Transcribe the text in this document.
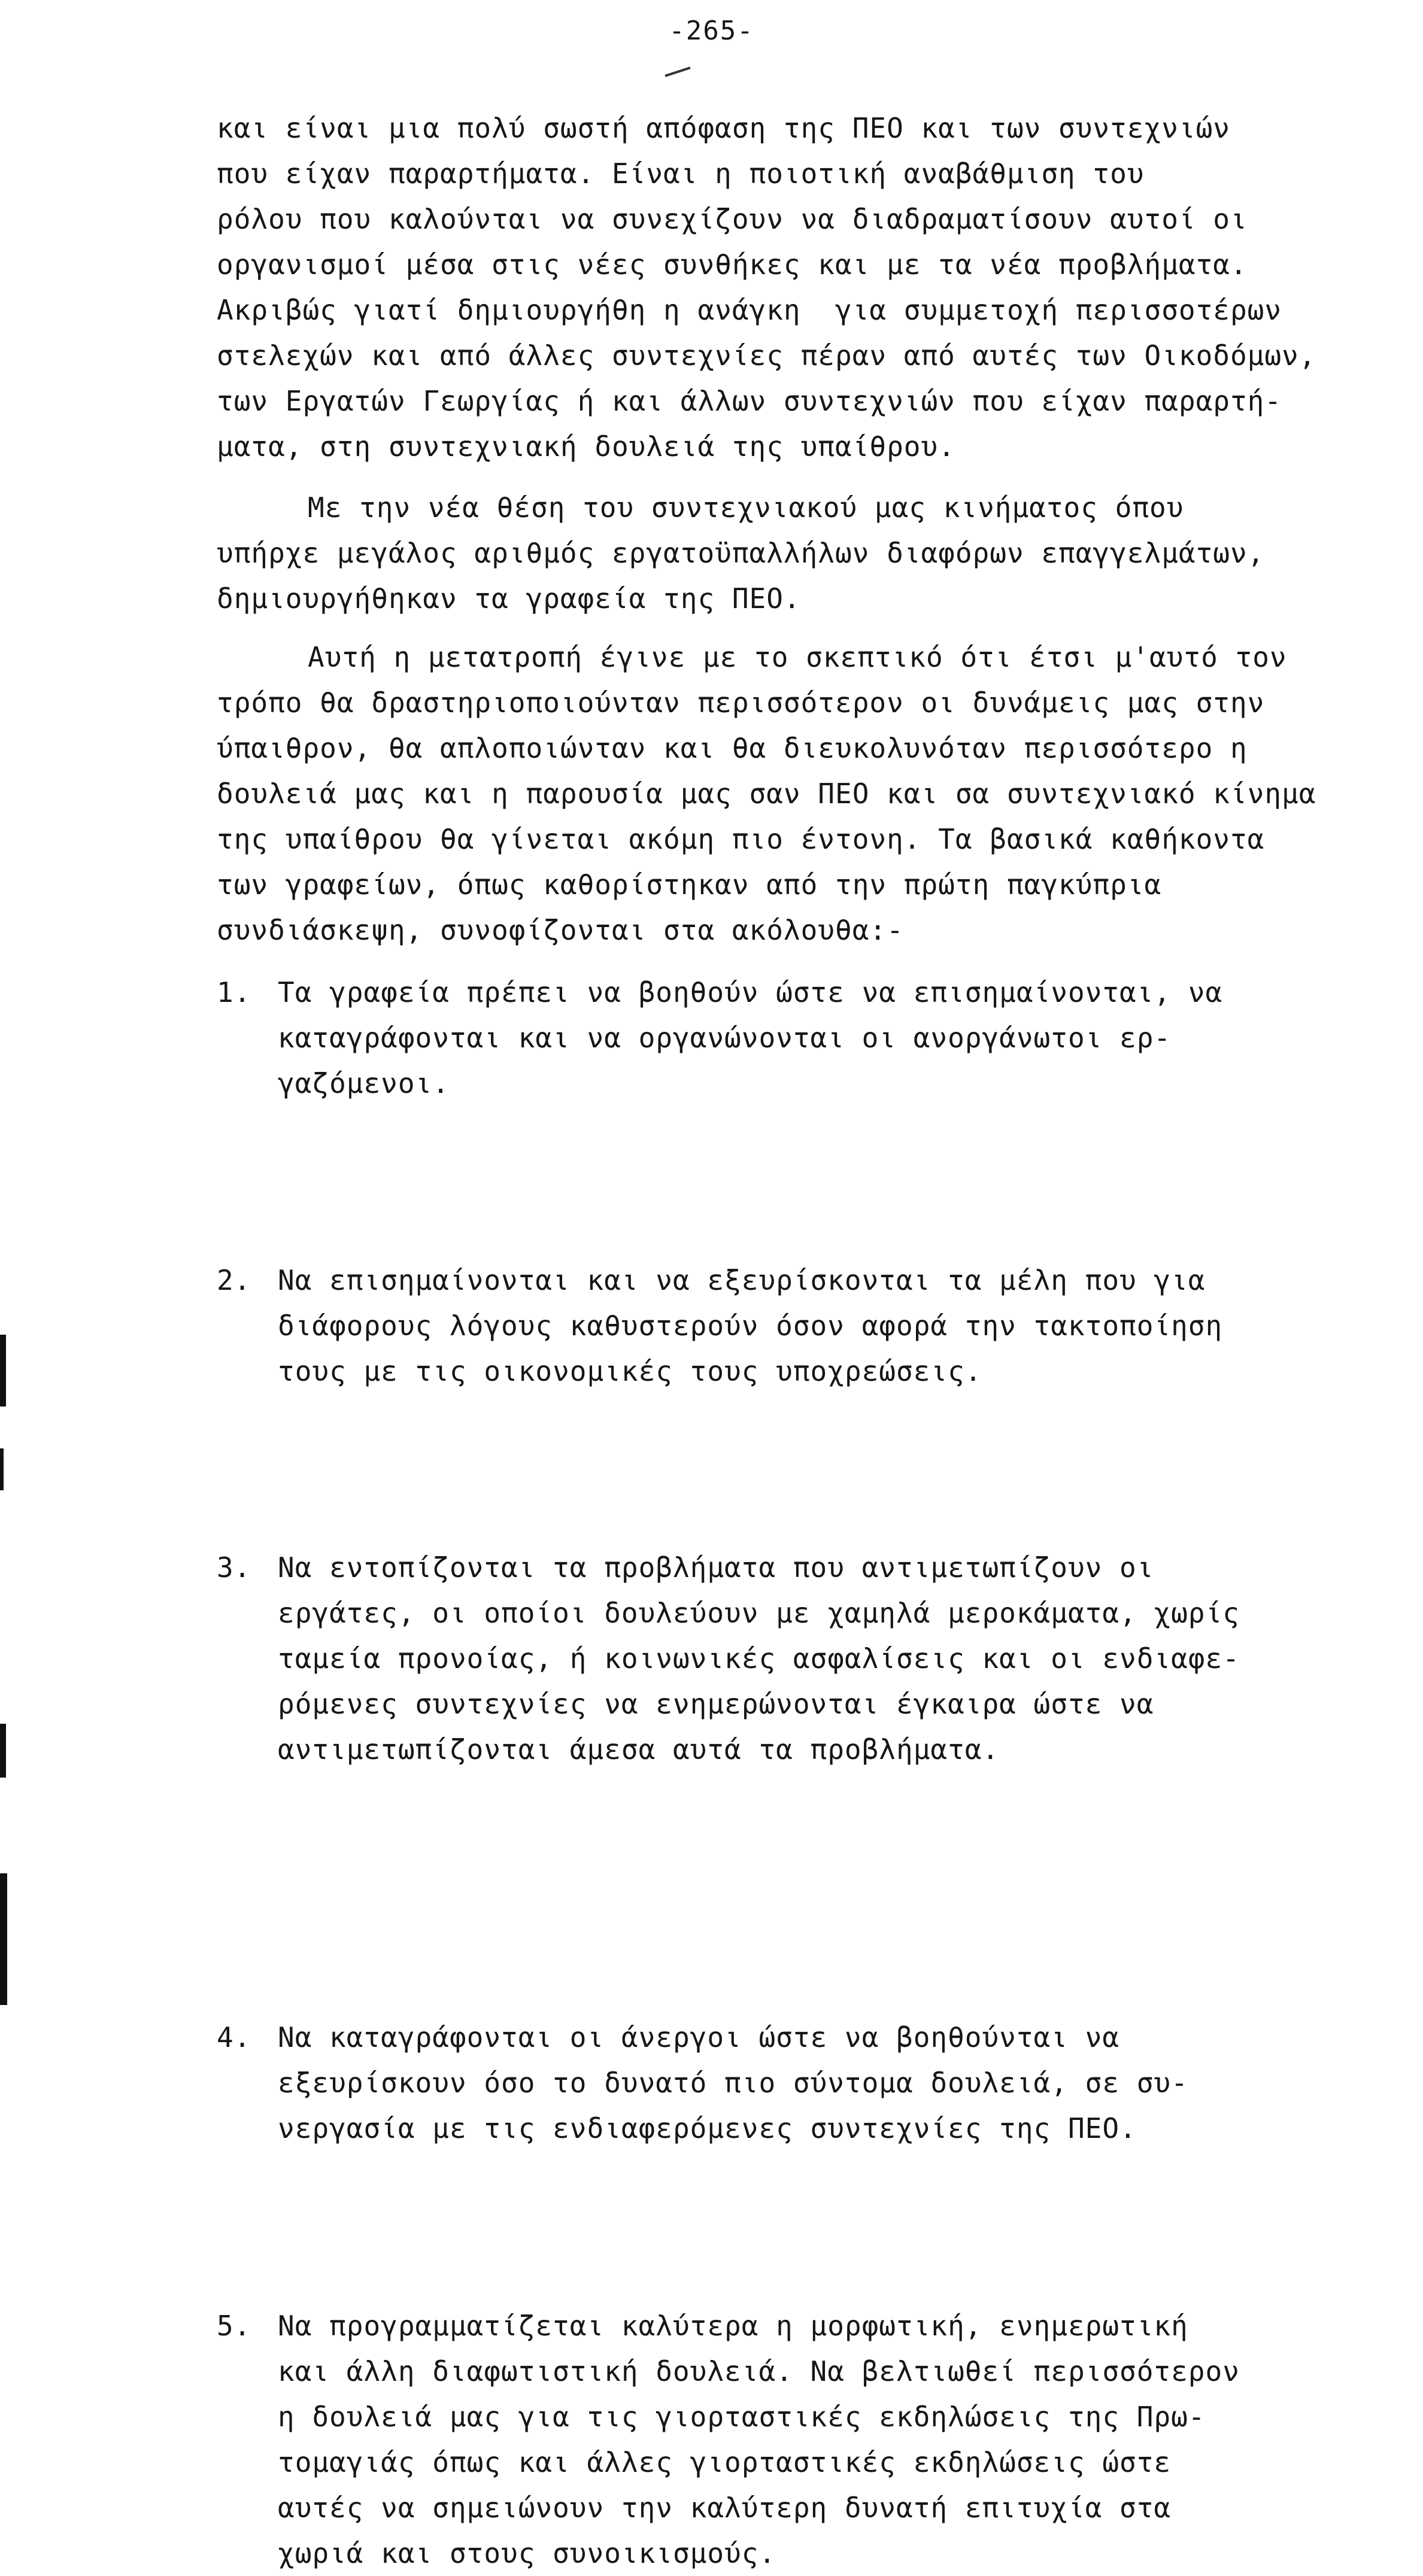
-265-
και είναι μια πολύ σωστή απόφαση της ΠΕΟ και των συντεχνιών
που είχαν παραρτήματα. Είναι η ποιοτική αναβάθμιση του
ρόλου που καλούνται να συνεχίζουν να διαδραματίσουν αυτοί οι
οργανισμοί μέσα στις νέες συνθήκες και με τα νέα προβλήματα.
Ακριβώς γιατί δημιουργήθη η ανάγκη  για συμμετοχή περισσοτέρων
στελεχών και από άλλες συντεχνίες πέραν από αυτές των Οικοδόμων,
των Εργατών Γεωργίας ή και άλλων συντεχνιών που είχαν παραρτή-
ματα, στη συντεχνιακή δουλειά της υπαίθρου.
Με την νέα θέση του συντεχνιακού μας κινήματος όπου
υπήρχε μεγάλος αριθμός εργατοϋπαλλήλων διαφόρων επαγγελμάτων,
δημιουργήθηκαν τα γραφεία της ΠΕΟ.
Αυτή η μετατροπή έγινε με το σκεπτικό ότι έτσι μ'αυτό τον
τρόπο θα δραστηριοποιούνταν περισσότερον οι δυνάμεις μας στην
ύπαιθρον, θα απλοποιώνταν και θα διευκολυνόταν περισσότερο η
δουλειά μας και η παρουσία μας σαν ΠΕΟ και σα συντεχνιακό κίνημα
της υπαίθρου θα γίνεται ακόμη πιο έντονη. Τα βασικά καθήκοντα
των γραφείων, όπως καθορίστηκαν από την πρώτη παγκύπρια
συνδιάσκεψη, συνοφίζονται στα ακόλουθα:-
1. Τα γραφεία πρέπει να βοηθούν ώστε να επισημαίνονται, να
καταγράφονται και να οργανώνονται οι ανοργάνωτοι ερ-
γαζόμενοι.
2. Να επισημαίνονται και να εξευρίσκονται τα μέλη που για
διάφορους λόγους καθυστερούν όσον αφορά την τακτοποίηση
τους με τις οικονομικές τους υποχρεώσεις.
3. Να εντοπίζονται τα προβλήματα που αντιμετωπίζουν οι
εργάτες, οι οποίοι δουλεύουν με χαμηλά μεροκάματα, χωρίς
ταμεία προνοίας, ή κοινωνικές ασφαλίσεις και οι ενδιαφε-
ρόμενες συντεχνίες να ενημερώνονται έγκαιρα ώστε να
αντιμετωπίζονται άμεσα αυτά τα προβλήματα.
4. Να καταγράφονται οι άνεργοι ώστε να βοηθούνται να
εξευρίσκουν όσο το δυνατό πιο σύντομα δουλειά, σε συ-
νεργασία με τις ενδιαφερόμενες συντεχνίες της ΠΕΟ.
5. Να προγραμματίζεται καλύτερα η μορφωτική, ενημερωτική
και άλλη διαφωτιστική δουλειά. Να βελτιωθεί περισσότερον
η δουλειά μας για τις γιορταστικές εκδηλώσεις της Πρω-
τομαγιάς όπως και άλλες γιορταστικές εκδηλώσεις ώστε
αυτές να σημειώνουν την καλύτερη δυνατή επιτυχία στα
χωριά και στους συνοικισμούς.
